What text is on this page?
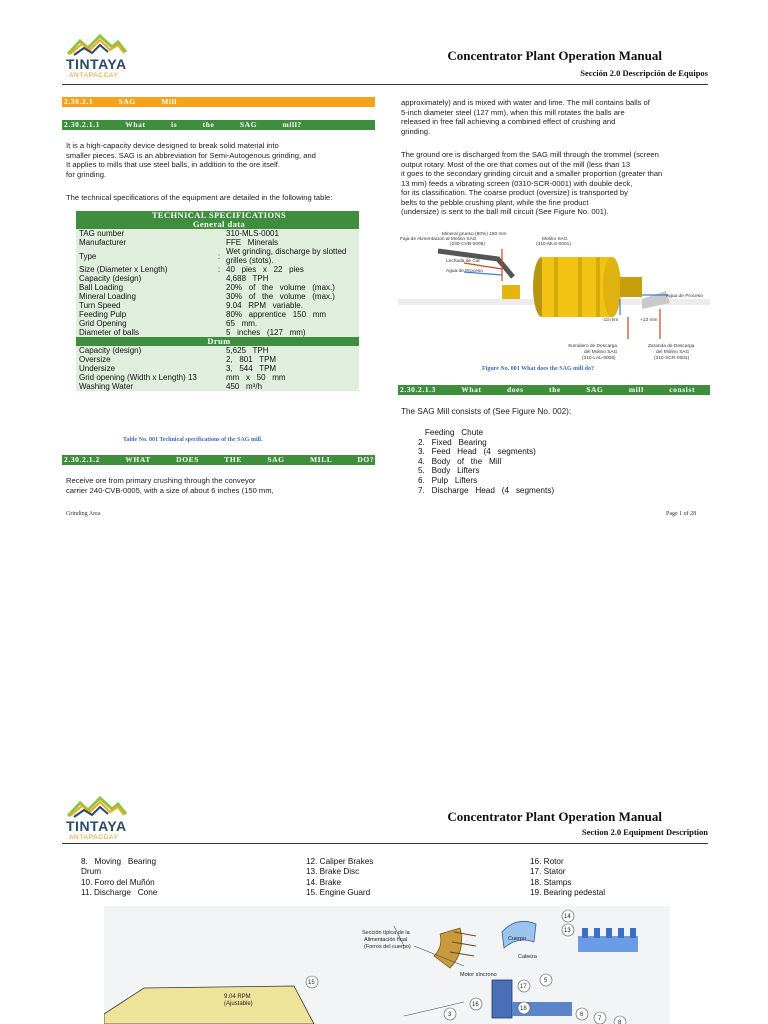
TINTAYA
ANTAPACCAY
Concentrator Plant Operation Manual
Sección 2.0 Descripción de Equipos
2.30.2.1   SAG   Mill
2.30.2.1.1   What   is   the   SAG   mill?
It is a high-capacity device designed to break solid material into
smaller pieces. SAG is an abbreviation for Semi-Autogenous grinding, and
It applies to mills that use steel balls, in addition to the ore itself.
for grinding.
The technical specifications of the equipment are detailed in the following table:
TECHNICAL SPECIFICATIONS		
General data		
TAG number		310-MLS-0001
Manufacturer		FFE   Minerals
Type	:	Wet grinding, discharge by slotted grilles (stots).
Size (Diameter x Length)	:	40   pies   x   22   pies
Capacity (design)		4,688   TPH
Ball Loading		20%   of   the   volume   (max.)
Mineral Loading		30%   of   the   volume   (max.)
Turn Speed		9.04   RPM   variable.
Feeding Pulp		80%   apprentice   150   mm
Grid Opening		65   mm.
Diameter of balls		5   inches   (127   mm)
Drum		
Capacity (design)		5,625   TPH
Oversize		2,   801   TPM
Undersize		3,   544   TPM
Grid opening (Width x Length) 13		mm   x   50   mm
Washing Water		450   m³/h
Table No. 001 Technical specifications of the SAG mill.
2.30.2.1.2   WHAT   DOES   THE   SAG   MILL   DO?
Receive ore from primary crushing through the conveyor
carrier 240-CVB-0005, with a size of about 6 inches (150 mm,
approximately) and is mixed with water and lime. The mill contains balls of
5-inch diameter steel (127 mm), when this mill rotates the balls are
released in free fall achieving a combined effect of crushing and
grinding.
The ground ore is discharged from the SAG mill through the trommel (screen
output rotary. Most of the ore that comes out of the mill (less than 13
it goes to the secondary grinding circuit and a smaller proportion (greater than
13 mm) feeds a vibrating screen (0310-SCR-0001) with double deck,
for its classification. The coarse product (oversize) is transported by
belts to the pebble crushing plant, while the fine product
(undersize) is sent to the ball mill circuit (See Figure No. 001).
Mineral grueso (80%) 150 mm
Faja de Alimentacion al Molino SAG
(240-CVB-0005)
Molino SAG
(310-MLS-0001)
Lechada de Cal
Agua de Proceso
Agua de Proceso
-13 mm	+13 mm
Sumidero de Descarga
del Molino SAG
(310-LAL-0005)
Zaranda de Descarga
del Molino SAG
(310-SCR-0001)
Figure No. 001 What does the SAG mill do?
2.30.2.1.3   What   does   the   SAG   mill   consist   of?
The SAG Mill consists of (See Figure No. 002):
Feeding   Chute
2.   Fixed   Bearing
3.   Feed   Head   (4   segments)
4.   Body   of   the   Mill
5.   Body   Lifters
6.   Pulp   Lifters
7.   Discharge   Head   (4   segments)
Grinding Area	Page 1 of 28
TINTAYA
ANTAPACCAY
Concentrator Plant Operation Manual
Section 2.0 Equipment Description
8.   Moving   Bearing
Drum
10. Forro del Muñón
11. Discharge   Cone
12. Caliper Brakes
13. Brake Disc
14. Brake
15. Engine Guard
16. Rotor
17. Stator
18. Stamps
19. Bearing pedestal
Sección típica de la
Alimentación final
(Forros del cuerpo)
Cuerpo
Cabeza
Motor síncrono
9.04 RPM
(Ajustable)
14
13
15
17
5
16
18
3	6
7
8
